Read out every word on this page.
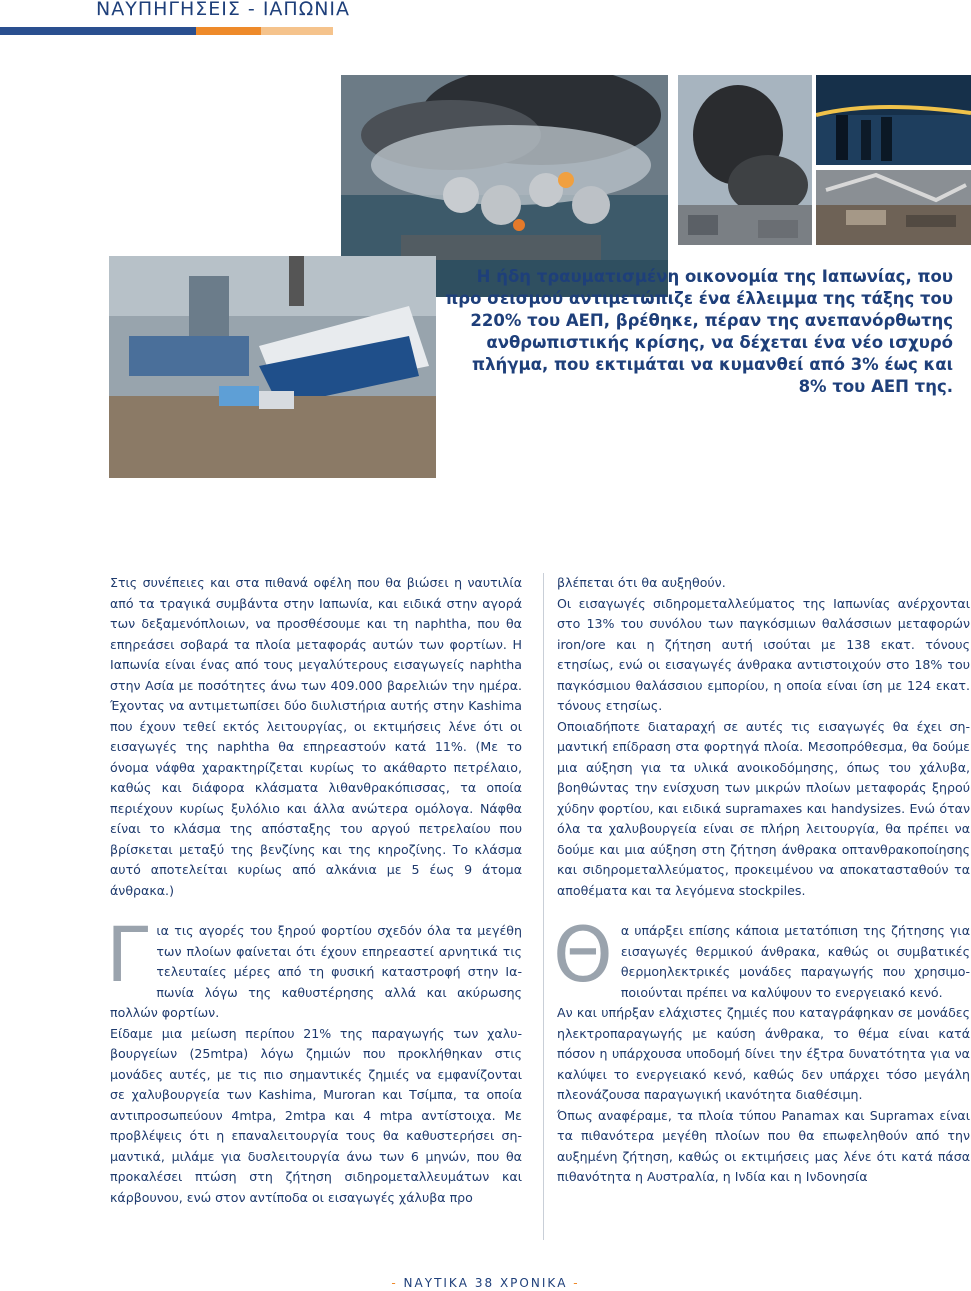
ΝΑΥΠΗΓΗΣΕΙΣ - ΙΑΠΩΝΙΑ
Η ήδη τραυματισμένη οικονομία της Ιαπωνίας, που προ σεισμού αντιμετώπιζε ένα έλλειμμα της τάξης του 220% του ΑΕΠ, βρέθηκε, πέραν της ανεπανόρθωτης ανθρωπιστικής κρίσης, να δέχεται ένα νέο ισχυρό πλήγμα, που εκτιμάται να κυμανθεί από 3% έως και 8% του ΑΕΠ της.

Στις συνέπειες και στα πιθανά οφέλη που θα βιώσει η ναυτιλία από τα τραγικά συμβάντα στην Ιαπωνία, και ειδικά στην αγορά των δεξαμενόπλοιων, να προσθέσουμε και τη naphtha, που θα επηρεάσει σοβαρά τα πλοία μεταφοράς αυτών των φορτίων. Η Ιαπωνία είναι ένας από τους μεγαλύτερους εισαγωγείς naphtha στην Ασία με ποσότητες άνω των 409.000 βαρελιών την ημέρα. Έχοντας να αντιμετωπίσει δύο διυλιστήρια αυτής στην Kashima που έχουν τεθεί εκτός λειτουργίας, οι εκτιμήσεις λένε ότι οι εισαγωγές της naphtha θα επηρεαστούν κατά 11%. (Με το όνομα νάφθα χαρακτηρίζεται κυρίως το ακάθαρτο πετρέλαιο, καθώς και διάφορα κλάσματα λιθανθρακόπισσας, τα οποία περιέχουν κυρίως ξυλόλιο και άλλα ανώτερα ομόλογα. Νάφθα είναι το κλάσμα της απόσταξης του αργού πετρελαίου που βρίσκεται μεταξύ της βενζίνης και της κηροζίνης. Το κλάσμα αυτό αποτελείται κυρίως από αλκάνια με 5 έως 9 άτομα άνθρακα.)

Για τις αγορές του ξηρού φορτίου σχεδόν όλα τα μεγέθη των πλοίων φαίνεται ότι έχουν επηρεαστεί αρνητικά τις τελευταίες μέρες από τη φυσική καταστροφή στην Ιαπωνία λόγω της καθυστέρησης αλλά και ακύρωσης πολλών φορτίων.

Είδαμε μια μείωση περίπου 21% της παραγωγής των χαλυβουργείων (25mtpa) λόγω ζημιών που προκλήθηκαν στις μονάδες αυτές, με τις πιο σημαντικές ζημιές να εμφανίζονται σε χαλυβουργεία των Kashima, Muroran και Τσίμπα, τα οποία αντιπροσωπεύουν 4mtpa, 2mtpa και 4 mtpa αντίστοιχα. Με προβλέψεις ότι η επαναλειτουργία τους θα καθυστερήσει σημαντικά, μιλάμε για δυσλειτουργία άνω των 6 μηνών, που θα προκαλέσει πτώση στη ζήτηση σιδηρομεταλλευμάτων και κάρβουνου, ενώ στον αντίποδα οι εισαγωγές χάλυβα προ

βλέπεται ότι θα αυξηθούν.

Οι εισαγωγές σιδηρομεταλλεύματος της Ιαπωνίας ανέρχονται στο 13% του συνόλου των παγκόσμιων θαλάσσιων μεταφορών iron/ore και η ζήτηση αυτή ισούται με 138 εκατ. τόνους ετησίως, ενώ οι εισαγωγές άνθρακα αντιστοιχούν στο 18% του παγκόσμιου θαλάσσιου εμπορίου, η οποία είναι ίση με 124 εκατ. τόνους ετησίως.

Οποιαδήποτε διαταραχή σε αυτές τις εισαγωγές θα έχει σημαντική επίδραση στα φορτηγά πλοία. Μεσοπρόθεσμα, θα δούμε μια αύξηση για τα υλικά ανοικοδόμησης, όπως του χάλυβα, βοηθώντας την ενίσχυση των μικρών πλοίων μεταφοράς ξηρού χύδην φορτίου, και ειδικά supramaxes και handysizes. Ενώ όταν όλα τα χαλυβουργεία είναι σε πλήρη λειτουργία, θα πρέπει να δούμε και μια αύξηση στη ζήτηση άνθρακα οπτανθρακοποίησης και σιδηρομεταλλεύματος, προκειμένου να αποκατασταθούν τα αποθέματα και τα λεγόμενα stockpiles.

Θα υπάρξει επίσης κάποια μετατόπιση της ζήτησης για εισαγωγές θερμικού άνθρακα, καθώς οι συμβατικές θερμοηλεκτρικές μονάδες παραγωγής που χρησιμοποιούνται πρέπει να καλύψουν το ενεργειακό κενό.

Αν και υπήρξαν ελάχιστες ζημιές που καταγράφηκαν σε μονάδες ηλεκτροπαραγωγής με καύση άνθρακα, το θέμα είναι κατά πόσον η υπάρχουσα υποδομή δίνει την έξτρα δυνατότητα για να καλύψει το ενεργειακό κενό, καθώς δεν υπάρχει τόσο μεγάλη πλεονάζουσα παραγωγική ικανότητα διαθέσιμη.

Όπως αναφέραμε, τα πλοία τύπου Panamax και Supramax είναι τα πιθανότερα μεγέθη πλοίων που θα επωφεληθούν από την αυξημένη ζήτηση, καθώς οι εκτιμήσεις μας λένε ότι κατά πάσα πιθανότητα η Αυστραλία, η Ινδία και η Ινδονησία

- ΝΑΥΤΙΚΑ 38 ΧΡΟΝΙΚΑ -
